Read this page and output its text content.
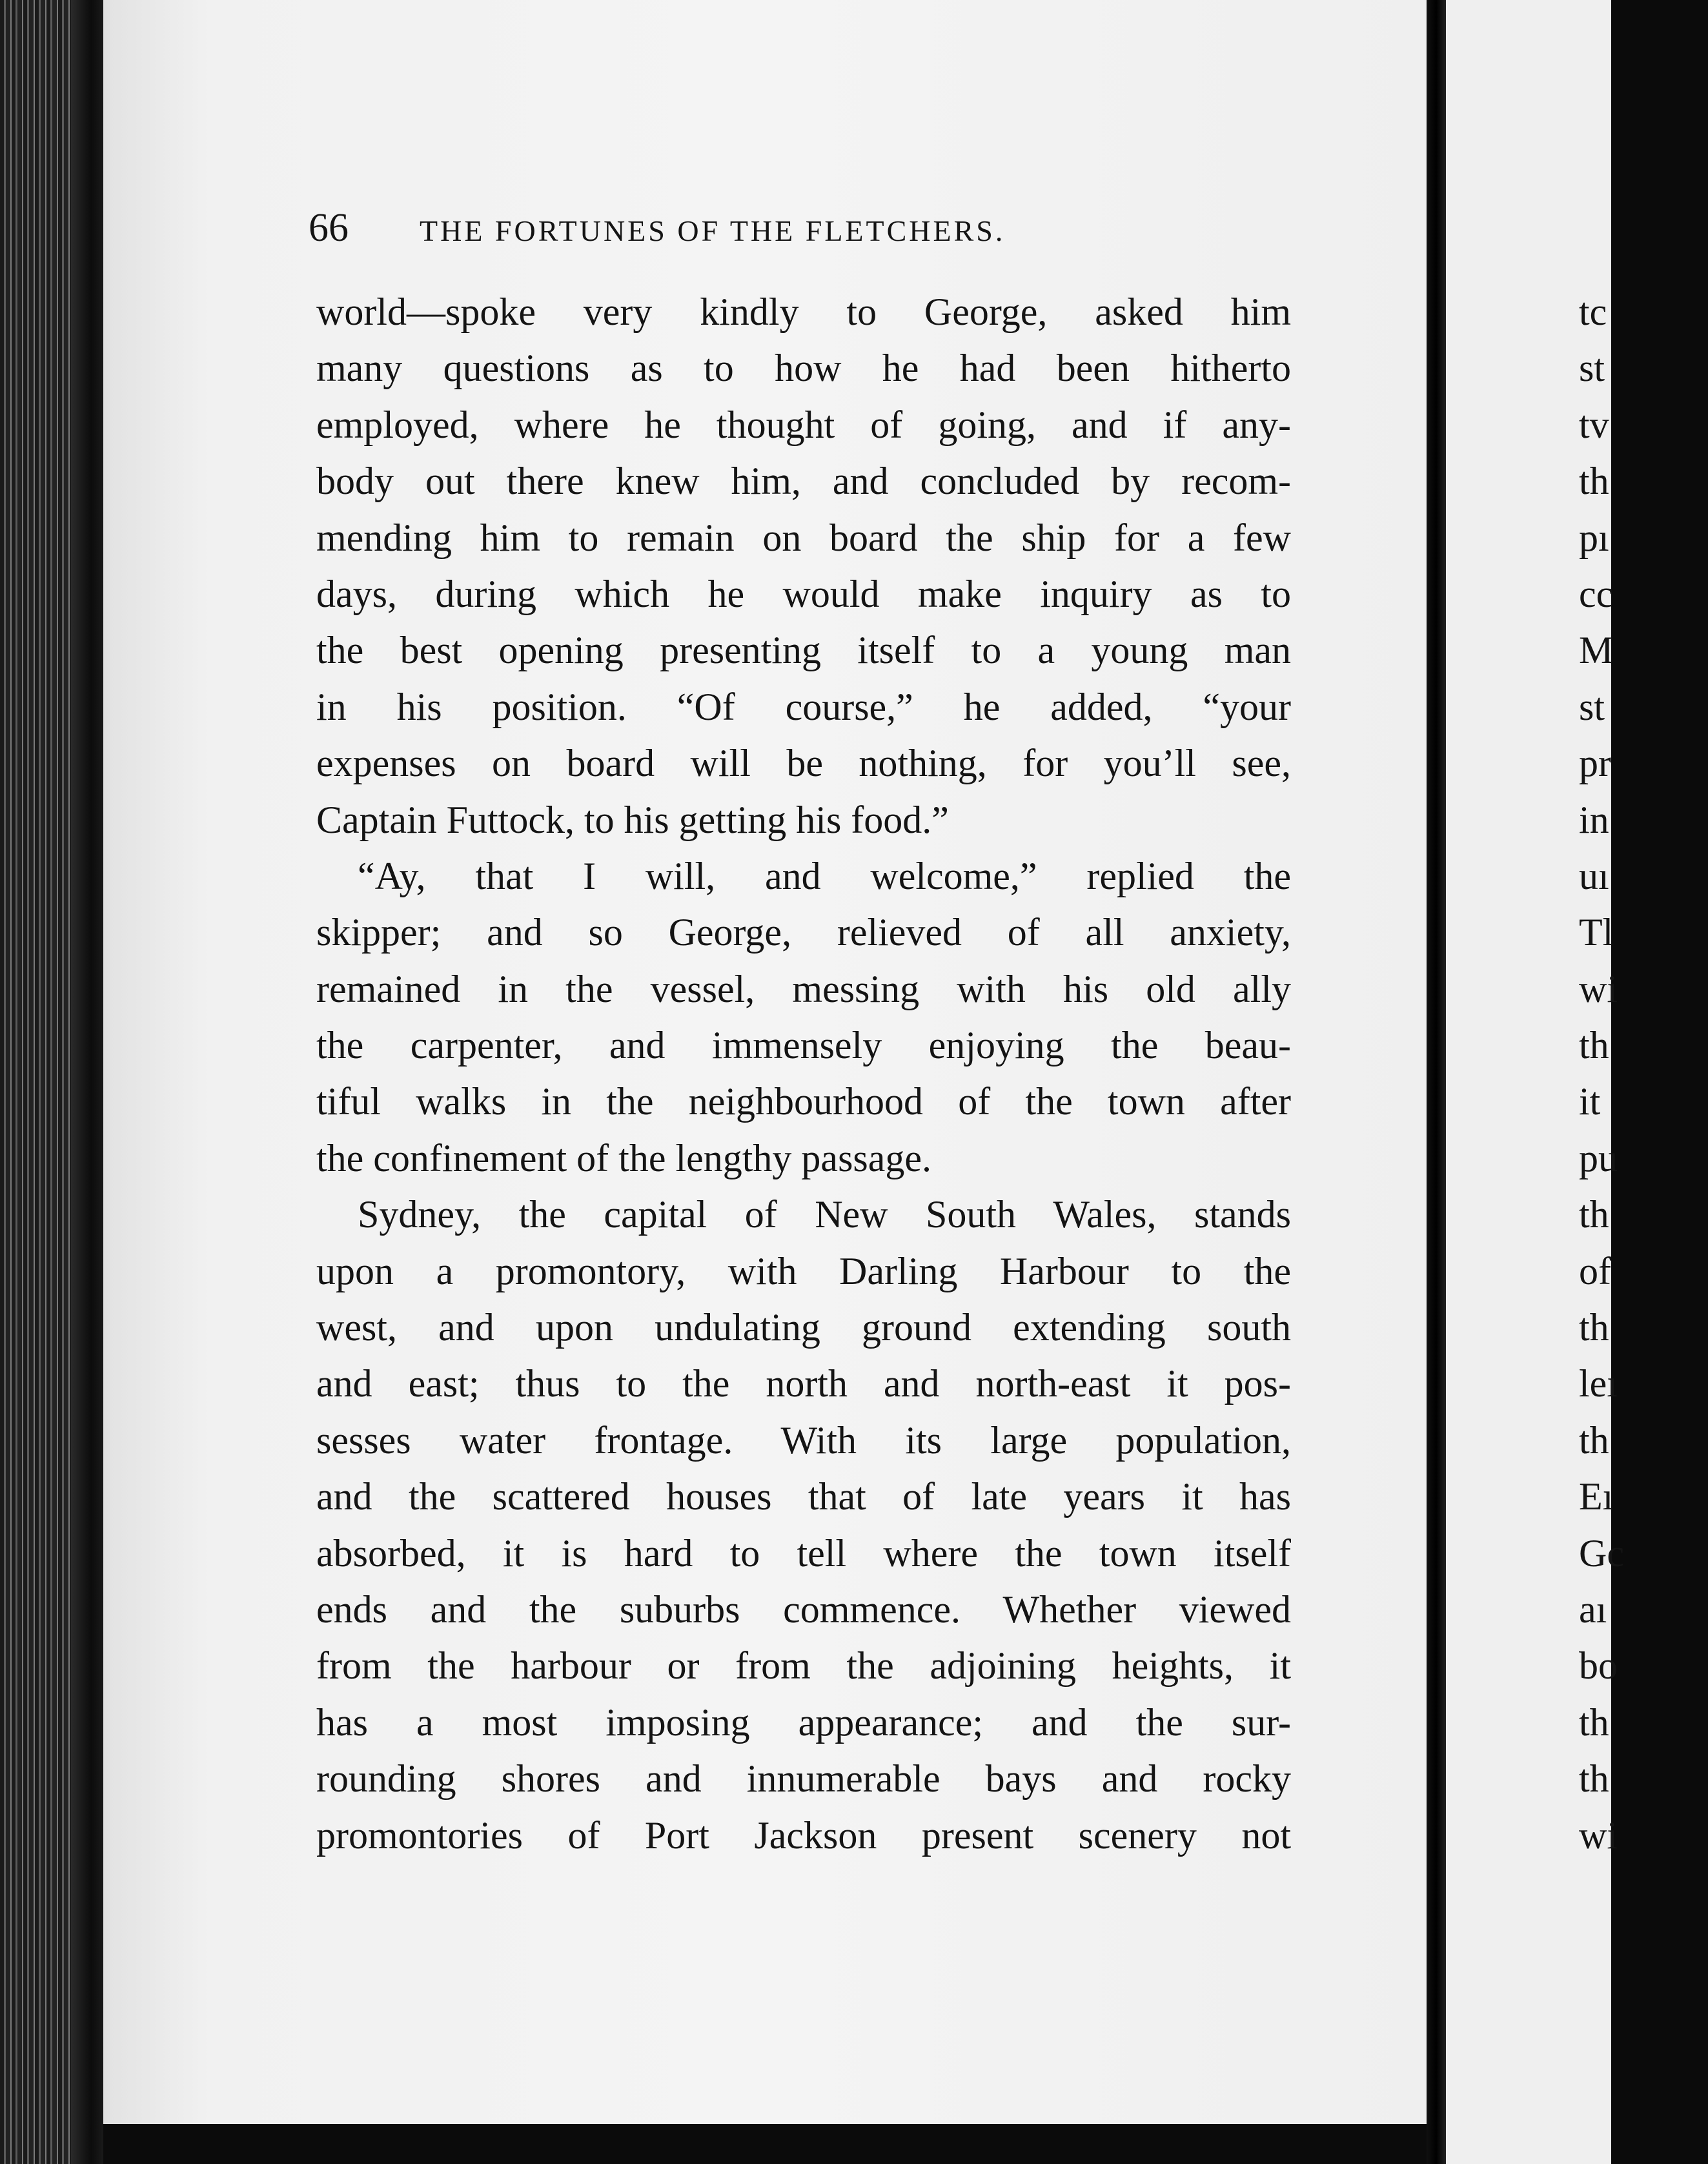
66 THE FORTUNES OF THE FLETCHERS.
world—spoke very kindly to George, asked him
many questions as to how he had been hitherto
employed, where he thought of going, and if any-
body out there knew him, and concluded by recom-
mending him to remain on board the ship for a few
days, during which he would make inquiry as to
the best opening presenting itself to a young man
in his position. “Of course,” he added, “your
expenses on board will be nothing, for you’ll see,
Captain Futtock, to his getting his food.”
“Ay, that I will, and welcome,” replied the
skipper; and so George, relieved of all anxiety,
remained in the vessel, messing with his old ally
the carpenter, and immensely enjoying the beau-
tiful walks in the neighbourhood of the town after
the confinement of the lengthy passage.
Sydney, the capital of New South Wales, stands
upon a promontory, with Darling Harbour to the
west, and upon undulating ground extending south
and east; thus to the north and north-east it pos-
sesses water frontage. With its large population,
and the scattered houses that of late years it has
absorbed, it is hard to tell where the town itself
ends and the suburbs commence. Whether viewed
from the harbour or from the adjoining heights, it
has a most imposing appearance; and the sur-
rounding shores and innumerable bays and rocky
promontories of Port Jackson present scenery not
tc
st
tv
th
pı
cc
M
st
pr
in
uı
Tl
wi
th
it
pu
th
of
th
leı
th
Eı
Gc
aı
bo
th
th
wi
